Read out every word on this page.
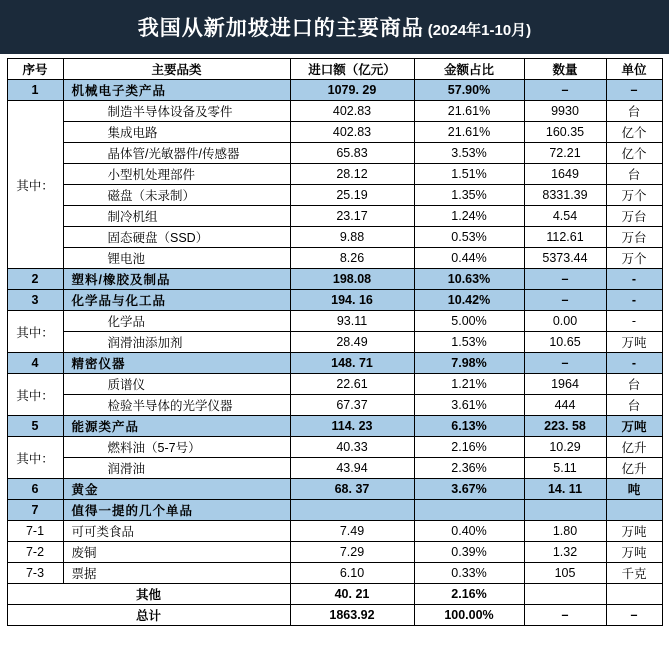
我国从新加坡进口的主要商品 (2024年1-10月)
序号	主要品类	进口额（亿元）	金额占比	数量	单位
1	机械电子类产品	1079. 29	57.90%	–	–
其中：	制造半导体设备及零件	402.83	21.61%	9930	台
	集成电路	402.83	21.61%	160.35	亿个
	晶体管/光敏器件/传感器	65.83	3.53%	72.21	亿个
	小型机处理部件	28.12	1.51%	1649	台
	磁盘（未录制）	25.19	1.35%	8331.39	万个
	制冷机组	23.17	1.24%	4.54	万台
	固态硬盘（SSD）	9.88	0.53%	112.61	万台
	锂电池	8.26	0.44%	5373.44	万个
2	塑料/橡胶及制品	198.08	10.63%	–	-
3	化学品与化工品	194. 16	10.42%	–	-
其中：	化学品	93.11	5.00%	0.00	-
	润滑油添加剂	28.49	1.53%	10.65	万吨
4	精密仪器	148. 71	7.98%	–	-
其中：	质谱仪	22.61	1.21%	1964	台
	检验半导体的光学仪器	67.37	3.61%	444	台
5	能源类产品	114. 23	6.13%	223. 58	万吨
其中：	燃料油（5-7号）	40.33	2.16%	10.29	亿升
	润滑油	43.94	2.36%	5.11	亿升
6	黄金	68. 37	3.67%	14. 11	吨
7	值得一提的几个单品				
7-1	可可类食品	7.49	0.40%	1.80	万吨
7-2	废铜	7.29	0.39%	1.32	万吨
7-3	票据	6.10	0.33%	105	千克
其他		40. 21	2.16%		
总计		1863.92	100.00%	–	–
